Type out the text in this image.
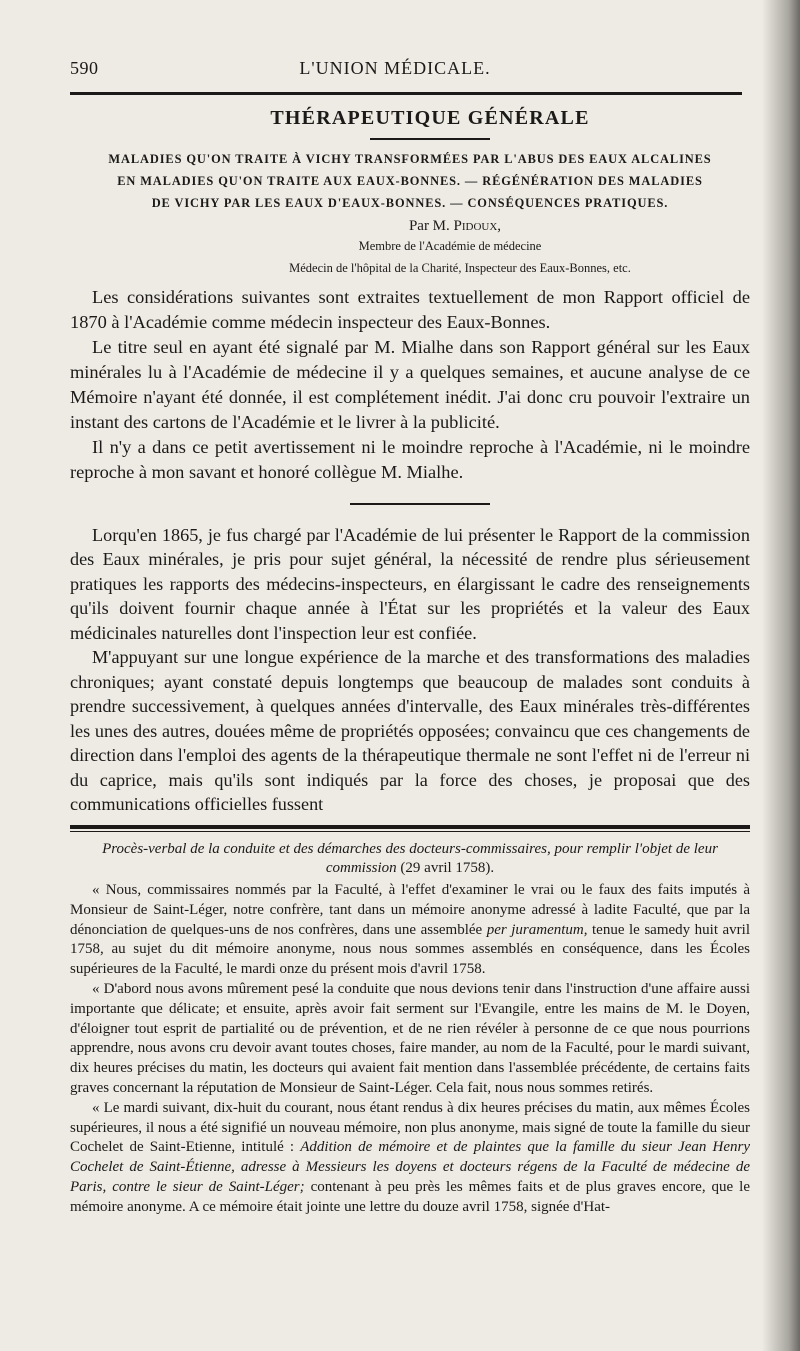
590	L'UNION MÉDICALE.
THÉRAPEUTIQUE GÉNÉRALE
MALADIES QU'ON TRAITE À VICHY TRANSFORMÉES PAR L'ABUS DES EAUX ALCALINES
EN MALADIES QU'ON TRAITE AUX EAUX-BONNES. — RÉGÉNÉRATION DES MALADIES
DE VICHY PAR LES EAUX D'EAUX-BONNES. — CONSÉQUENCES PRATIQUES.
Par M. Pidoux,
Membre de l'Académie de médecine
Médecin de l'hôpital de la Charité, Inspecteur des Eaux-Bonnes, etc.

Les considérations suivantes sont extraites textuellement de mon Rapport officiel de 1870 à l'Académie comme médecin inspecteur des Eaux-Bonnes.

Le titre seul en ayant été signalé par M. Mialhe dans son Rapport général sur les Eaux minérales lu à l'Académie de médecine il y a quelques semaines, et aucune analyse de ce Mémoire n'ayant été donnée, il est complétement inédit. J'ai donc cru pouvoir l'extraire un instant des cartons de l'Académie et le livrer à la publicité.

Il n'y a dans ce petit avertissement ni le moindre reproche à l'Académie, ni le moindre reproche à mon savant et honoré collègue M. Mialhe.

Lorqu'en 1865, je fus chargé par l'Académie de lui présenter le Rapport de la commission des Eaux minérales, je pris pour sujet général, la nécessité de rendre plus sérieusement pratiques les rapports des médecins-inspecteurs, en élargissant le cadre des renseignements qu'ils doivent fournir chaque année à l'État sur les propriétés et la valeur des Eaux médicinales naturelles dont l'inspection leur est confiée.

M'appuyant sur une longue expérience de la marche et des transformations des maladies chroniques; ayant constaté depuis longtemps que beaucoup de malades sont conduits à prendre successivement, à quelques années d'intervalle, des Eaux minérales très-différentes les unes des autres, douées même de propriétés opposées; convaincu que ces changements de direction dans l'emploi des agents de la thérapeutique thermale ne sont l'effet ni de l'erreur ni du caprice, mais qu'ils sont indiqués par la force des choses, je proposai que des communications officielles fussent

Procès-verbal de la conduite et des démarches des docteurs-commissaires, pour remplir l'objet de leur commission (29 avril 1758).

« Nous, commissaires nommés par la Faculté, à l'effet d'examiner le vrai ou le faux des faits imputés à Monsieur de Saint-Léger, notre confrère, tant dans un mémoire anonyme adressé à ladite Faculté, que par la dénonciation de quelques-uns de nos confrères, dans une assemblée per juramentum, tenue le samedy huit avril 1758, au sujet du dit mémoire anonyme, nous nous sommes assemblés en conséquence, dans les Écoles supérieures de la Faculté, le mardi onze du présent mois d'avril 1758.

« D'abord nous avons mûrement pesé la conduite que nous devions tenir dans l'instruction d'une affaire aussi importante que délicate; et ensuite, après avoir fait serment sur l'Evangile, entre les mains de M. le Doyen, d'éloigner tout esprit de partialité ou de prévention, et de ne rien révéler à personne de ce que nous pourrions apprendre, nous avons cru devoir avant toutes choses, faire mander, au nom de la Faculté, pour le mardi suivant, dix heures précises du matin, les docteurs qui avaient fait mention dans l'assemblée précédente, de certains faits graves concernant la réputation de Monsieur de Saint-Léger. Cela fait, nous nous sommes retirés.

« Le mardi suivant, dix-huit du courant, nous étant rendus à dix heures précises du matin, aux mêmes Écoles supérieures, il nous a été signifié un nouveau mémoire, non plus anonyme, mais signé de toute la famille du sieur Cochelet de Saint-Etienne, intitulé : Addition de mémoire et de plaintes que la famille du sieur Jean Henry Cochelet de Saint-Étienne, adresse à Messieurs les doyens et docteurs régens de la Faculté de médecine de Paris, contre le sieur de Saint-Léger; contenant à peu près les mêmes faits et de plus graves encore, que le mémoire anonyme. A ce mémoire était jointe une lettre du douze avril 1758, signée d'Hat-
